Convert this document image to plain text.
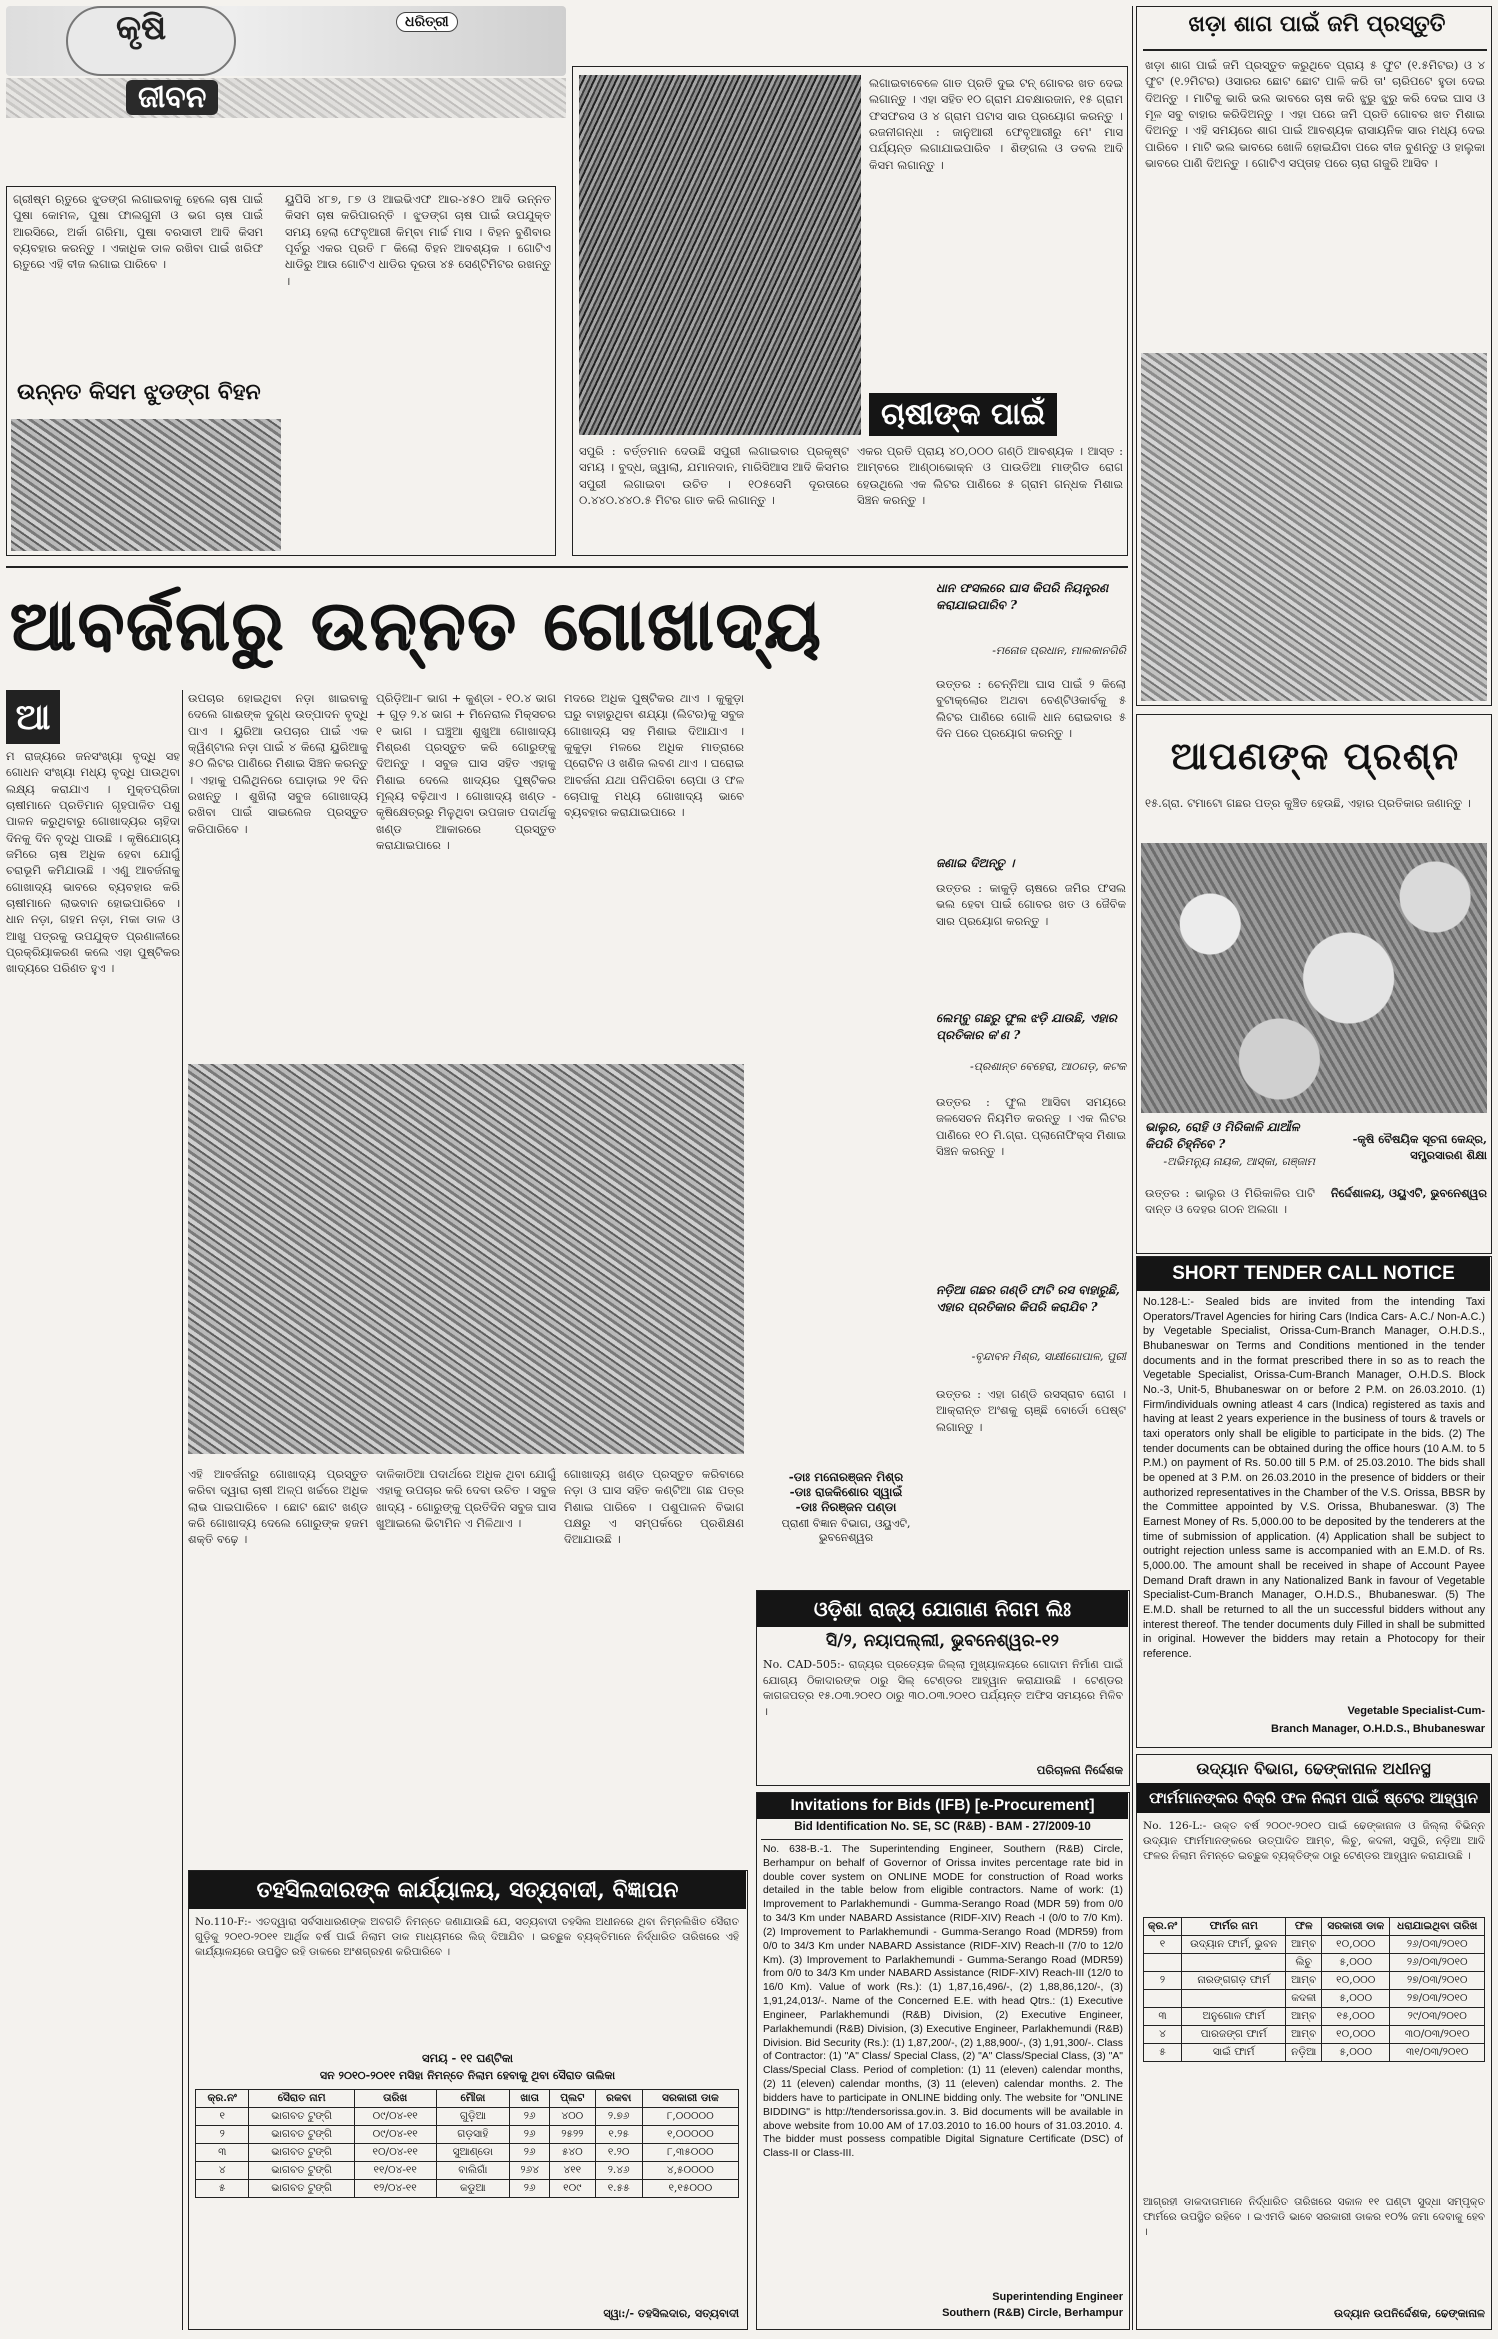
କୃଷି	ଧରିତ୍ରୀ
ଜୀବନ
ଗ୍ରୀଷ୍ମ ଋତୁରେ ଝୁଡଙ୍ଗ ଲଗାଇବାକୁ ହେଲେ ଚାଷ ପାଇଁ ପୁଷା କୋମଳ, ପୁଷା ଫାଲଗୁନୀ ଓ ଭଗ ଚାଷ ପାଇଁ ଆରସିରେ, ଅର୍କା ଗରିମା, ପୁଷା ବରସାତୀ ଆଦି କିସମ ବ୍ୟବହାର କରନ୍ତୁ । ଏକାଧିକ ଡାଳ ରଖିବା ପାଇଁ ଖରିଫ ଋତୁରେ ଏହି ବୀଜ ଲଗାଇ ପାରିବେ ।
ଉନ୍ନତ କିସମ ଝୁଡଙ୍ଗ ବିହନ
ୟୁପିସି ୪୮୭, ୮୭ ଓ ଆଇଭିଏଫ ଆର-୪୫୦ ଆଦି ଉନ୍ନତ କିସମ ଚାଷ କରିପାରନ୍ତି । ଝୁଡଙ୍ଗ ଚାଷ ପାଇଁ ଉପଯୁକ୍ତ ସମୟ ହେଲା ଫେବୃଆରୀ କିମ୍ବା ମାର୍ଚ୍ଚ ମାସ । ବିହନ ବୁଣିବାର ପୂର୍ବରୁ ଏକର ପ୍ରତି ୮ କିଲୋ ବିହନ ଆବଶ୍ୟକ । ଗୋଟିଏ ଧାଡିରୁ ଆଉ ଗୋଟିଏ ଧାଡିର ଦୂରତା ୪୫ ସେଣ୍ଟିମିଟର ରଖନ୍ତୁ ।
ଲଗାଇବାବେଳେ ଗାତ ପ୍ରତି ଦୁଇ ଟନ୍ ଗୋବର ଖତ ଦେଇ ଲଗାନ୍ତୁ । ଏହା ସହିତ ୧୦ ଗ୍ରାମ ଯବକ୍ଷାରଜାନ, ୧୫ ଗ୍ରାମ ଫସଫରସ ଓ ୪ ଗ୍ରାମ ପଟାସ ସାର ପ୍ରୟୋଗ କରନ୍ତୁ । ରଜନୀଗନ୍ଧା : ଜାନୁଆରୀ ଫେବୃଆରୀରୁ ମେ' ମାସ ପର୍ଯ୍ୟନ୍ତ ଲଗାଯାଇପାରିବ । ଶିଙ୍ଗଲ ଓ ଡବଲ ଆଦି କିସମ ଲଗାନ୍ତୁ ।
ଚାଷୀଙ୍କ ପାଇଁ
ସପୁରି : ବର୍ତ୍ତମାନ ଦେଉଛି ସପୁରୀ ଲଗାଇବାର ପ୍ରକୃଷ୍ଟ ସମୟ । ବୁଦ୍ଧ, ଜ୍ୱାଲା, ଯମାନଦାନ, ମାରିସିଆସ ଆଦି କିସମର ସପୁରୀ ଲଗାଇବା ଉଚିତ । ୧୦୫ସେମି ଦୂରତାରେ ୦.୪୪୦.୪୪୦.୫ ମିଟର ଗାତ କରି ଲଗାନ୍ତୁ ।
ଏକର ପ୍ରତି ପ୍ରାୟ ୪୦,୦୦୦ ଗଣ୍ଠି ଆବଶ୍ୟକ । ଆସ୍ତ : ଆମ୍ବରେ ଆଣ୍ଠାଭୋକ୍ନ ଓ ପାଉଡିଆ ମାଙ୍ଗିଡ ରୋଗ ହେଉଥିଲେ ଏକ ଲିଟର ପାଣିରେ ୫ ଗ୍ରାମ ଗନ୍ଧକ ମିଶାଇ ସିଞ୍ଚନ କରନ୍ତୁ ।
ଖଡ଼ା ଶାଗ ପାଇଁ ଜମି ପ୍ରସ୍ତୁତି
ଖଡ଼ା ଶାଗ ପାଇଁ ଜମି ପ୍ରସ୍ତୁତ କରୁଥିବେ ପ୍ରାୟ ୫ ଫୁଟ (୧.୫ମିଟର) ଓ ୪ ଫୁଟ (୧.୨ମିଟର) ଓସାରର ଛୋଟ ଛୋଟ ପାଳି କରି ତା' ଚାରିପଟେ ହୁଡା ଦେଇ ଦିଅନ୍ତୁ । ମାଟିକୁ ଭାରି ଭଲ ଭାବରେ ଚାଷ କରି ଝୁରୁ ଝୁରୁ କରି ଦେଇ ଘାସ ଓ ମୂଳ ସବୁ ବାହାର କରିଦିଅନ୍ତୁ । ଏହା ପରେ ଜମି ପ୍ରତି ଗୋବର ଖତ ମିଶାଇ ଦିଅନ୍ତୁ । ଏହି ସମୟରେ ଶାଗ ପାଇଁ ଆବଶ୍ୟକ ରାସାୟନିକ ସାର ମଧ୍ୟ ଦେଇ ପାରିବେ । ମାଟି ଭଲ ଭାବରେ ଖୋଳି ହୋଇଯିବା ପରେ ବୀଜ ବୁଣନ୍ତୁ ଓ ହାଲୁକା ଭାବରେ ପାଣି ଦିଅନ୍ତୁ । ଗୋଟିଏ ସପ୍ତାହ ପରେ ଚାରା ଗଜୁରି ଆସିବ ।
ଆବର୍ଜନାରୁ ଉନ୍ନତ ଗୋଖାଦ୍ୟ
ଆ
ମ ରାଜ୍ୟରେ ଜନସଂଖ୍ୟା ବୃଦ୍ଧି ସହ ଗୋଧନ ସଂଖ୍ୟା ମଧ୍ୟ ବୃଦ୍ଧି ପାଉଥିବା ଲକ୍ଷ୍ୟ କରାଯାଏ । ମୁକ୍ତପ୍ରିଜା ଚାଷୀମାନେ ପ୍ରତିମାନ ଗୃହପାଳିତ ପଶୁ ପାଳନ କରୁଥିବାରୁ ଗୋଖାଦ୍ୟର ଚାହିଦା ଦିନକୁ ଦିନ ବୃଦ୍ଧି ପାଉଛି । କୃଷିଯୋଗ୍ୟ ଜମିରେ ଚାଷ ଅଧିକ ହେବା ଯୋଗୁଁ ଚରାଭୂମି କମିଯାଉଛି । ଏଣୁ ଆବର୍ଜନାକୁ ଗୋଖାଦ୍ୟ ଭାବରେ ବ୍ୟବହାର କରି ଚାଷୀମାନେ ଲାଭବାନ ହୋଇପାରିବେ । ଧାନ ନଡ଼ା, ଗହମ ନଡ଼ା, ମକା ଡାଳ ଓ ଆଖୁ ପତ୍ରକୁ ଉପଯୁକ୍ତ ପ୍ରଣାଳୀରେ ପ୍ରକ୍ରିୟାକରଣ କଲେ ଏହା ପୁଷ୍ଟିକର ଖାଦ୍ୟରେ ପରିଣତ ହୁଏ ।
ଉପଚାର ହୋଇଥିବା ନଡ଼ା ଖାଇବାକୁ ଦେଲେ ଗାଈଙ୍କ ଦୁଗ୍ଧ ଉତ୍ପାଦନ ବୃଦ୍ଧି ପାଏ । ୟୁରିଆ ଉପଚାର ପାଇଁ ଏକ କ୍ୱିଣ୍ଟାଲ ନଡ଼ା ପାଇଁ ୪ କିଲୋ ୟୁରିଆକୁ ୫୦ ଲିଟର ପାଣିରେ ମିଶାଇ ସିଞ୍ଚନ କରନ୍ତୁ । ଏହାକୁ ପଲିଥିନରେ ଘୋଡ଼ାଇ ୨୧ ଦିନ ରଖନ୍ତୁ । ଶୁଖିଲା ସବୁଜ ଗୋଖାଦ୍ୟ ରଖିବା ପାଇଁ ସାଇଲେଜ ପ୍ରସ୍ତୁତ କରିପାରିବେ ।
ପ୍ରିଡ଼ିଆ-୮ ଭାଗ + କୁଣ୍ଡା - ୧୦.୪ ଭାଗ + ଗୁଡ଼ ୨.୪ ଭାଗ + ମିନେରାଲ ମିକ୍ସଚର ୧ ଭାଗ । ଘଞ୍ଚୁଆ ଶୁଖୁଆ ଗୋଖାଦ୍ୟ ମିଶ୍ରଣ ପ୍ରସ୍ତୁତ କରି ଗୋରୁଙ୍କୁ ଦିଅନ୍ତୁ । ସବୁଜ ଘାସ ସହିତ ଏହାକୁ ମିଶାଇ ଦେଲେ ଖାଦ୍ୟର ପୁଷ୍ଟିକର ମୂଲ୍ୟ ବଢ଼ିଥାଏ । ଗୋଖାଦ୍ୟ ଖଣ୍ଡ - କୃଷିକ୍ଷେତ୍ରରୁ ମିଳୁଥିବା ଉପଜାତ ପଦାର୍ଥକୁ ଖଣ୍ଡ ଆକାରରେ ପ୍ରସ୍ତୁତ କରାଯାଇପାରେ ।
ମଦରେ ଅଧିକ ପୁଷ୍ଟିକର ଥାଏ । କୁକୁଡ଼ା ଘରୁ ବାହାରୁଥିବା ଶଯ୍ୟା (ଲିଟର)କୁ ସବୁଜ ଗୋଖାଦ୍ୟ ସହ ମିଶାଇ ଦିଆଯାଏ । କୁକୁଡ଼ା ମଳରେ ଅଧିକ ମାତ୍ରାରେ ପ୍ରୋଟିନ ଓ ଖଣିଜ ଲବଣ ଥାଏ । ଘରୋଇ ଆବର୍ଜନା ଯଥା ପନିପରିବା ଚୋପା ଓ ଫଳ ଚୋପାକୁ ମଧ୍ୟ ଗୋଖାଦ୍ୟ ଭାବେ ବ୍ୟବହାର କରାଯାଇପାରେ ।
ଏହି ଆବର୍ଜନାରୁ ଗୋଖାଦ୍ୟ ପ୍ରସ୍ତୁତ କରିବା ଦ୍ୱାରା ଚାଷୀ ଅଳ୍ପ ଖର୍ଚ୍ଚରେ ଅଧିକ ଲାଭ ପାଇପାରିବେ । ଛୋଟ ଛୋଟ ଖଣ୍ଡ କରି ଗୋଖାଦ୍ୟ ଦେଲେ ଗୋରୁଙ୍କ ହଜମ ଶକ୍ତି ବଢ଼େ ।
ଦାଳିକାଠିଆ ପଦାର୍ଥରେ ଅଧିକ ଥିବା ଯୋଗୁଁ ଏହାକୁ ଉପଚାର କରି ଦେବା ଉଚିତ । ସବୁଜ ଖାଦ୍ୟ - ଗୋରୁଙ୍କୁ ପ୍ରତିଦିନ ସବୁଜ ଘାସ ଖୁଆଇଲେ ଭିଟାମିନ ଏ ମିଳିଥାଏ ।
ଗୋଖାଦ୍ୟ ଖଣ୍ଡ ପ୍ରସ୍ତୁତ କରିବାରେ ନଡ଼ା ଓ ଘାସ ସହିତ କଣ୍ଟିଆ ଗଛ ପତ୍ର ମିଶାଇ ପାରିବେ । ପଶୁପାଳନ ବିଭାଗ ପକ୍ଷରୁ ଏ ସମ୍ପର୍କରେ ପ୍ରଶିକ୍ଷଣ ଦିଆଯାଉଛି ।
ଧାନ ଫସଲରେ ଘାସ କିପରି ନିୟନ୍ତ୍ରଣ କରାଯାଇପାରିବ ?
-ମନୋଜ ପ୍ରଧାନ, ମାଲକାନଗିରି
ଉତ୍ତର : ଚେନ୍ନିଆ ଘାସ ପାଇଁ ୨ କିଲୋ ବୁଟାକ୍ଲୋର ଅଥବା ବେଣ୍ଟିଓକାର୍ବକୁ ୫ ଲିଟର ପାଣିରେ ଗୋଳି ଧାନ ରୋଇବାର ୫ ଦିନ ପରେ ପ୍ରୟୋଗ କରନ୍ତୁ ।
ଜଣାଇ ଦିଅନ୍ତୁ ।
ଉତ୍ତର : କାକୁଡ଼ି ଚାଷରେ ଜମିର ଫସଲ ଭଲ ହେବା ପାଇଁ ଗୋବର ଖତ ଓ ଜୈବିକ ସାର ପ୍ରୟୋଗ କରନ୍ତୁ ।
ଲେମ୍ବୁ ଗଛରୁ ଫୁଲ ଝଡ଼ି ଯାଉଛି, ଏହାର ପ୍ରତିକାର କ'ଣ ?
-ପ୍ରଶାନ୍ତ ବେହେରା, ଆଠଗଡ଼, କଟକ
ଉତ୍ତର : ଫୁଲ ଆସିବା ସମୟରେ ଜଳସେଚନ ନିୟମିତ କରନ୍ତୁ । ଏକ ଲିଟର ପାଣିରେ ୧୦ ମି.ଗ୍ରା. ପ୍ଲାନୋଫିକ୍ସ ମିଶାଇ ସିଞ୍ଚନ କରନ୍ତୁ ।
ନଡ଼ିଆ ଗଛର ଗଣ୍ଡି ଫାଟି ରସ ବାହାରୁଛି, ଏହାର ପ୍ରତିକାର କିପରି କରାଯିବ ?
-ବୃନ୍ଦାବନ ମିଶ୍ର, ସାକ୍ଷୀଗୋପାଳ, ପୁରୀ
ଉତ୍ତର : ଏହା ଗଣ୍ଡି ରସସ୍ରାବ ରୋଗ । ଆକ୍ରାନ୍ତ ଅଂଶକୁ ଚାଞ୍ଛି ବୋର୍ଡୋ ପେଷ୍ଟ ଲଗାନ୍ତୁ ।
-ଡାଃ ମନୋରଞ୍ଜନ ମିଶ୍ର
-ଡାଃ ରାଜକିଶୋର ସ୍ୱାଇଁ
-ଡାଃ ନିରଞ୍ଜନ ପଣ୍ଡା
ପ୍ରାଣୀ ବିଜ୍ଞାନ ବିଭାଗ, ଓୟୁଏଟି, ଭୁବନେଶ୍ୱର
ଆପଣଙ୍କ ପ୍ରଶ୍ନ
୧୫.ଗ୍ରା. ଟମାଟୋ ଗଛର ପତ୍ର କୁଞ୍ଚିତ ହେଉଛି, ଏହାର ପ୍ରତିକାର ଜଣାନ୍ତୁ ।
ଭାଲୁର, ରୋହି ଓ ମିରିକାଳି ଯାଆଁଳ କିପରି ଚିହ୍ନିବେ ?
-ଅଭିମନ୍ୟୁ ନାୟକ, ଆସ୍କା, ଗଞ୍ଜାମ
ଉତ୍ତର : ଭାଲୁର ଓ ମିରିକାଳିର ପାଟି ଦାନ୍ତ ଓ ଦେହର ଗଠନ ଅଲଗା ।
-କୃଷି ବୈଷୟିକ ସୂଚନା କେନ୍ଦ୍ର, ସମ୍ପ୍ରସାରଣ ଶିକ୍ଷା
ନିର୍ଦ୍ଦେଶାଳୟ, ଓୟୁଏଟି, ଭୁବନେଶ୍ୱର
SHORT TENDER CALL NOTICE
No.128-L:- Sealed bids are invited from the intending Taxi Operators/Travel Agencies for hiring Cars (Indica Cars- A.C./ Non-A.C.) by Vegetable Specialist, Orissa-Cum-Branch Manager, O.H.D.S., Bhubaneswar on Terms and Conditions mentioned in the tender documents and in the format prescribed there in so as to reach the Vegetable Specialist, Orissa-Cum-Branch Manager, O.H.D.S. Block No.-3, Unit-5, Bhubaneswar on or before 2 P.M. on 26.03.2010. (1) Firm/individuals owning atleast 4 cars (Indica) registered as taxis and having at least 2 years experience in the business of tours & travels or taxi operators only shall be eligible to participate in the bids. (2) The tender documents can be obtained during the office hours (10 A.M. to 5 P.M.) on payment of Rs. 50.00 till 5 P.M. of 25.03.2010. The bids shall be opened at 3 P.M. on 26.03.2010 in the presence of bidders or their authorized representatives in the Chamber of the V.S. Orissa, BBSR by the Committee appointed by V.S. Orissa, Bhubaneswar. (3) The Earnest Money of Rs. 5,000.00 to be deposited by the tenderers at the time of submission of application. (4) Application shall be subject to outright rejection unless same is accompanied with an E.M.D. of Rs. 5,000.00. The amount shall be received in shape of Account Payee Demand Draft drawn in any Nationalized Bank in favour of Vegetable Specialist-Cum-Branch Manager, O.H.D.S., Bhubaneswar. (5) The E.M.D. shall be returned to all the un successful bidders without any interest thereof. The tender documents duly Filled in shall be submitted in original. However the bidders may retain a Photocopy for their reference.
Vegetable Specialist-Cum-
Branch Manager, O.H.D.S., Bhubaneswar
ଓଡ଼ିଶା ରାଜ୍ୟ ଯୋଗାଣ ନିଗମ ଲିଃ
ସି/୨, ନୟାପଲ୍ଲୀ, ଭୁବନେଶ୍ୱର-୧୨
No. CAD-505:- ରାଜ୍ୟର ପ୍ରତ୍ୟେକ ଜିଲ୍ଲା ମୁଖ୍ୟାଳୟରେ ଗୋଦାମ ନିର୍ମାଣ ପାଇଁ ଯୋଗ୍ୟ ଠିକାଦାରଙ୍କ ଠାରୁ ସିଲ୍ ଟେଣ୍ଡର ଆହ୍ୱାନ କରାଯାଉଛି । ଟେଣ୍ଡର କାଗଜପତ୍ର ୧୫.୦୩.୨୦୧୦ ଠାରୁ ୩୦.୦୩.୨୦୧୦ ପର୍ଯ୍ୟନ୍ତ ଅଫିସ ସମୟରେ ମିଳିବ ।
ପରିଚାଳନା ନିର୍ଦ୍ଦେଶକ
Invitations for Bids (IFB) [e-Procurement]
Bid Identification No. SE, SC (R&B) - BAM - 27/2009-10
No. 638-B.-1. The Superintending Engineer, Southern (R&B) Circle, Berhampur on behalf of Governor of Orissa invites percentage rate bid in double cover system on ONLINE MODE for construction of Road works detailed in the table below from eligible contractors. Name of work: (1) Improvement to Parlakhemundi - Gumma-Serango Road (MDR 59) from 0/0 to 34/3 Km under NABARD Assistance (RIDF-XIV) Reach -I (0/0 to 7/0 Km). (2) Improvement to Parlakhemundi - Gumma-Serango Road (MDR59) from 0/0 to 34/3 Km under NABARD Assistance (RIDF-XIV) Reach-II (7/0 to 12/0 Km). (3) Improvement to Parlakhemundi - Gumma-Serango Road (MDR59) from 0/0 to 34/3 Km under NABARD Assistance (RIDF-XIV) Reach-III (12/0 to 16/0 Km). Value of work (Rs.): (1) 1,87,16,496/-, (2) 1,88,86,120/-, (3) 1,91,24,013/-. Name of the Concerned E.E. with head Qtrs.: (1) Executive Engineer, Parlakhemundi (R&B) Division, (2) Executive Engineer, Parlakhemundi (R&B) Division, (3) Executive Engineer, Parlakhemundi (R&B) Division. Bid Security (Rs.): (1) 1,87,200/-, (2) 1,88,900/-, (3) 1,91,300/-. Class of Contractor: (1) "A" Class/ Special Class, (2) "A" Class/Special Class, (3) "A" Class/Special Class. Period of completion: (1) 11 (eleven) calendar months, (2) 11 (eleven) calendar months, (3) 11 (eleven) calendar months. 2. The bidders have to participate in ONLINE bidding only. The website for "ONLINE BIDDING" is http://tendersorissa.gov.in. 3. Bid documents will be available in above website from 10.00 AM of 17.03.2010 to 16.00 hours of 31.03.2010. 4. The bidder must possess compatible Digital Signature Certificate (DSC) of Class-II or Class-III.
Superintending Engineer
Southern (R&B) Circle, Berhampur
ତହସିଲଦାରଙ୍କ କାର୍ଯ୍ୟାଳୟ, ସତ୍ୟବାଦୀ, ବିଜ୍ଞାପନ
No.110-F:- ଏତଦ୍ୱାରା ସର୍ବସାଧାରଣଙ୍କ ଅବଗତି ନିମନ୍ତେ ଜଣାଯାଉଛି ଯେ, ସତ୍ୟବାଦୀ ତହସିଲ ଅଧୀନରେ ଥିବା ନିମ୍ନଲିଖିତ ସୈରାତ ଗୁଡ଼ିକୁ ୨୦୧୦-୨୦୧୧ ଆର୍ଥିକ ବର୍ଷ ପାଇଁ ନିଲାମ ଡାକ ମାଧ୍ୟମରେ ଲିଜ୍ ଦିଆଯିବ । ଇଚ୍ଛୁକ ବ୍ୟକ୍ତିମାନେ ନିର୍ଦ୍ଧାରିତ ତାରିଖରେ ଏହି କାର୍ଯ୍ୟାଳୟରେ ଉପସ୍ଥିତ ରହି ଡାକରେ ଅଂଶଗ୍ରହଣ କରିପାରିବେ ।
ସମୟ - ୧୧ ଘଣ୍ଟିକା
ସନ ୨୦୧୦-୨୦୧୧ ମସିହା ନିମନ୍ତେ ନିଲାମ ହେବାକୁ ଥିବା ସୈରାତ ତାଲିକା
କ୍ର.ନଂ	ସୈରାତ ନାମ	ତାରିଖ	ମୌଜା	ଖାତା	ପ୍ଲଟ	ରକବା	ସରକାରୀ ଡାକ
୧	ଭାଗବତ ଟୁଙ୍ଗି	୦୯/୦୪-୧୧	ଗୁଡ଼ିଆ	୨୬	୪୦୦	୨.୭୬	୮,୦୦୦୦୦
୨	ଭାଗବତ ଟୁଙ୍ଗି	୦୯/୦୪-୧୧	ଗଡ଼ସାହି	୨୬	୨୫୨୨	୧.୨୫	୧,୦୦୦୦୦
୩	ଭାଗବତ ଟୁଙ୍ଗି	୧୦/୦୪-୧୧	ସୁଆଣ୍ଡୋ	୨୬	୫୪୦	୧.୨୦	୮,୩୫୦୦୦
୪	ଭାଗବତ ଟୁଙ୍ଗି	୧୧/୦୪-୧୧	ବାଲିଗାଁ	୨୬୪	୪୧୧	୨.୪୬	୪,୫୦୦୦୦
୫	ଭାଗବତ ଟୁଙ୍ଗି	୧୨/୦୪-୧୧	କଡୁଆ	୨୬	୧୦୯	୧.୫୫	୧,୧୫୦୦୦
ସ୍ୱା:/- ତହସିଲଦାର, ସତ୍ୟବାଦୀ
ଉଦ୍ୟାନ ବିଭାଗ, ଢେଙ୍କାନାଳ ଅଧୀନସ୍ଥ
ଫାର୍ମମାନଙ୍କର ବିକ୍ରି ଫଳ ନିଲାମ ପାଇଁ ଷ୍ଟେର ଆହ୍ୱାନ
No. 126-L:- ଉକ୍ତ ବର୍ଷ ୨୦୦୯-୨୦୧୦ ପାଇଁ ଢେଙ୍କାନାଳ ଓ ଜିଲ୍ଲା ବିଭିନ୍ନ ଉଦ୍ୟାନ ଫାର୍ମମାନଙ୍କରେ ଉତ୍ପାଦିତ ଆମ୍ବ, ଲିଚୁ, କଦଳୀ, ସପୁରି, ନଡ଼ିଆ ଆଦି ଫଳର ନିଲାମ ନିମନ୍ତେ ଇଚ୍ଛୁକ ବ୍ୟକ୍ତିଙ୍କ ଠାରୁ ଟେଣ୍ଡର ଆହ୍ୱାନ କରାଯାଉଛି ।
କ୍ର.ନଂ	ଫାର୍ମର ନାମ	ଫଳ	ସରକାରୀ ଡାକ	ଧରାଯାଇଥିବା ତାରିଖ
୧	ଉଦ୍ୟାନ ଫାର୍ମ, ଭୁବନ	ଆମ୍ବ	୧୦,୦୦୦	୨୬/୦୩/୨୦୧୦
		ଲିଚୁ	୫,୦୦୦	୨୬/୦୩/୨୦୧୦
୨	ନାରଙ୍ଗଗଡ଼ ଫାର୍ମ	ଆମ୍ବ	୧୦,୦୦୦	୨୭/୦୩/୨୦୧୦
		କଦଳୀ	୫,୦୦୦	୨୭/୦୩/୨୦୧୦
୩	ଅନୁଗୋଳ ଫାର୍ମ	ଆମ୍ବ	୧୫,୦୦୦	୨୯/୦୩/୨୦୧୦
୪	ପାରଜଙ୍ଗ ଫାର୍ମ	ଆମ୍ବ	୧୦,୦୦୦	୩୦/୦୩/୨୦୧୦
୫	ସାଇଁ ଫାର୍ମ	ନଡ଼ିଆ	୫,୦୦୦	୩୧/୦୩/୨୦୧୦
ଆଗ୍ରହୀ ଡାକଦାତାମାନେ ନିର୍ଦ୍ଧାରିତ ତାରିଖରେ ସକାଳ ୧୧ ଘଣ୍ଟା ସୁଦ୍ଧା ସମ୍ପୃକ୍ତ ଫାର୍ମରେ ଉପସ୍ଥିତ ରହିବେ । ଇଏମଡି ଭାବେ ସରକାରୀ ଡାକର ୧୦% ଜମା ଦେବାକୁ ହେବ ।
ଉଦ୍ୟାନ ଉପନିର୍ଦ୍ଦେଶକ, ଢେଙ୍କାନାଳ
